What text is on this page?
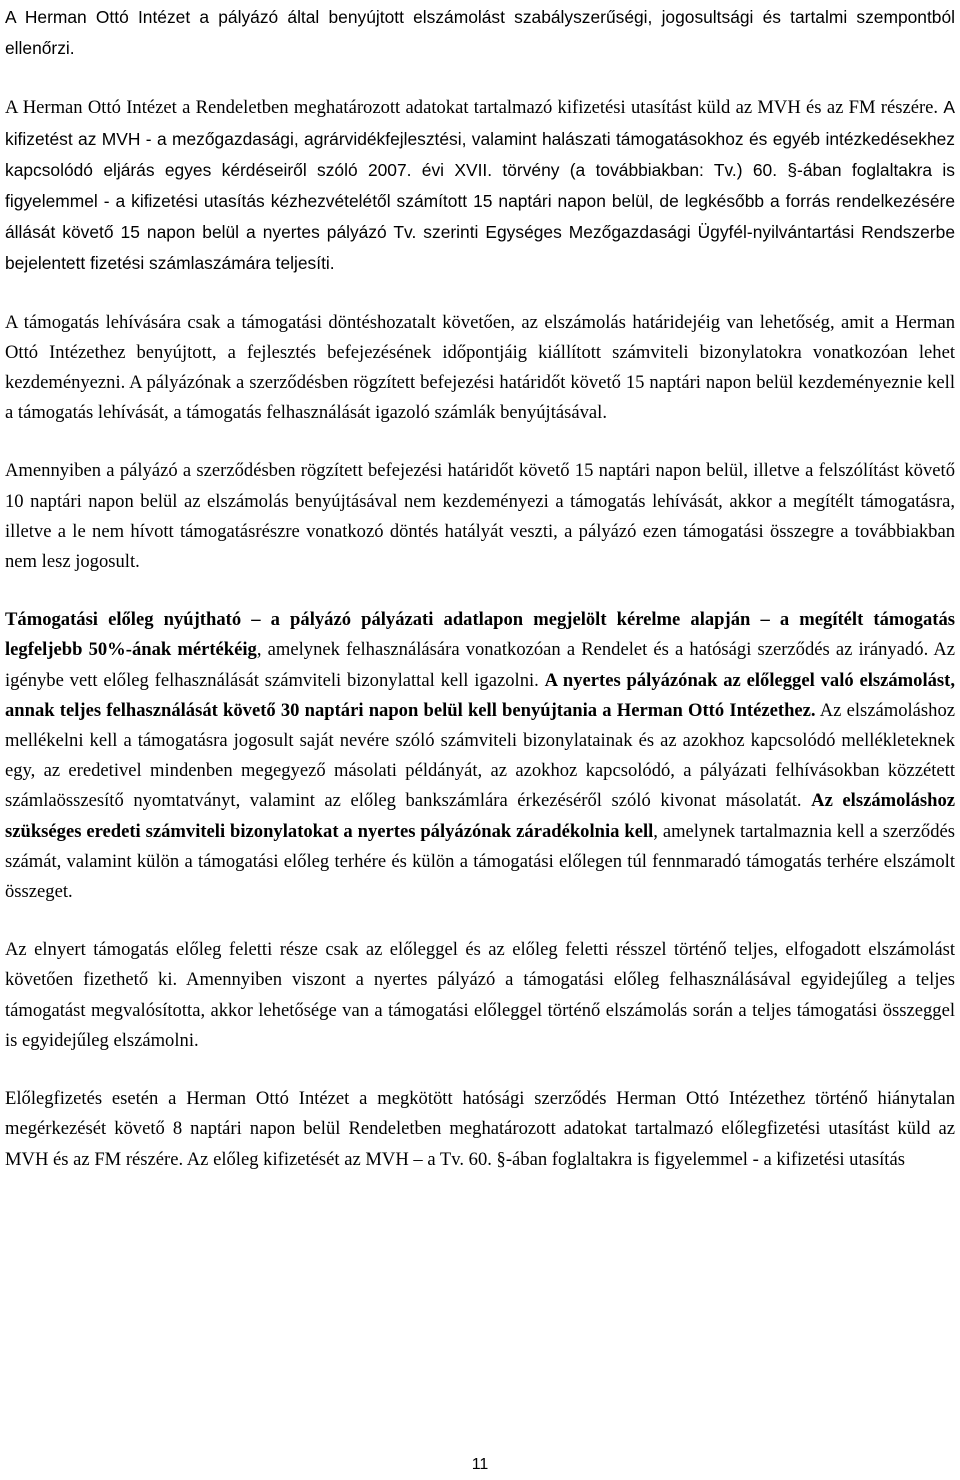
A Herman Ottó Intézet a pályázó által benyújtott elszámolást szabályszerűségi, jogosultsági és tartalmi szempontból ellenőrzi.

A Herman Ottó Intézet a Rendeletben meghatározott adatokat tartalmazó kifizetési utasítást küld az MVH és az FM részére. A kifizetést az MVH - a mezőgazdasági, agrárvidékfejlesztési, valamint halászati támogatásokhoz és egyéb intézkedésekhez kapcsolódó eljárás egyes kérdéseiről szóló 2007. évi XVII. törvény (a továbbiakban: Tv.) 60. §-ában foglaltakra is figyelemmel - a kifizetési utasítás kézhezvételétől számított 15 naptári napon belül, de legkésőbb a forrás rendelkezésére állását követő 15 napon belül a nyertes pályázó Tv. szerinti Egységes Mezőgazdasági Ügyfél-nyilvántartási Rendszerbe bejelentett fizetési számlaszámára teljesíti.

A támogatás lehívására csak a támogatási döntéshozatalt követően, az elszámolás határidejéig van lehetőség, amit a Herman Ottó Intézethez benyújtott, a fejlesztés befejezésének időpontjáig kiállított számviteli bizonylatokra vonatkozóan lehet kezdeményezni. A pályázónak a szerződésben rögzített befejezési határidőt követő 15 naptári napon belül kezdeményeznie kell a támogatás lehívását, a támogatás felhasználását igazoló számlák benyújtásával.

Amennyiben a pályázó a szerződésben rögzített befejezési határidőt követő 15 naptári napon belül, illetve a felszólítást követő 10 naptári napon belül az elszámolás benyújtásával nem kezdeményezi a támogatás lehívását, akkor a megítélt támogatásra, illetve a le nem hívott támogatásrészre vonatkozó döntés hatályát veszti, a pályázó ezen támogatási összegre a továbbiakban nem lesz jogosult.

Támogatási előleg nyújtható – a pályázó pályázati adatlapon megjelölt kérelme alapján – a megítélt támogatás legfeljebb 50%-ának mértékéig, amelynek felhasználására vonatkozóan a Rendelet és a hatósági szerződés az irányadó. Az igénybe vett előleg felhasználását számviteli bizonylattal kell igazolni. A nyertes pályázónak az előleggel való elszámolást, annak teljes felhasználását követő 30 naptári napon belül kell benyújtania a Herman Ottó Intézethez. Az elszámoláshoz mellékelni kell a támogatásra jogosult saját nevére szóló számviteli bizonylatainak és az azokhoz kapcsolódó mellékleteknek egy, az eredetivel mindenben megegyező másolati példányát, az azokhoz kapcsolódó, a pályázati felhívásokban közzétett számlaösszesítő nyomtatványt, valamint az előleg bankszámlára érkezéséről szóló kivonat másolatát. Az elszámoláshoz szükséges eredeti számviteli bizonylatokat a nyertes pályázónak záradékolnia kell, amelynek tartalmaznia kell a szerződés számát, valamint külön a támogatási előleg terhére és külön a támogatási előlegen túl fennmaradó támogatás terhére elszámolt összeget.

Az elnyert támogatás előleg feletti része csak az előleggel és az előleg feletti résszel történő teljes, elfogadott elszámolást követően fizethető ki. Amennyiben viszont a nyertes pályázó a támogatási előleg felhasználásával egyidejűleg a teljes támogatást megvalósította, akkor lehetősége van a támogatási előleggel történő elszámolás során a teljes támogatási összeggel is egyidejűleg elszámolni.

Előlegfizetés esetén a Herman Ottó Intézet a megkötött hatósági szerződés Herman Ottó Intézethez történő hiánytalan megérkezését követő 8 naptári napon belül Rendeletben meghatározott adatokat tartalmazó előlegfizetési utasítást küld az MVH és az FM részére. Az előleg kifizetését az MVH – a Tv. 60. §-ában foglaltakra is figyelemmel - a kifizetési utasítás

11
